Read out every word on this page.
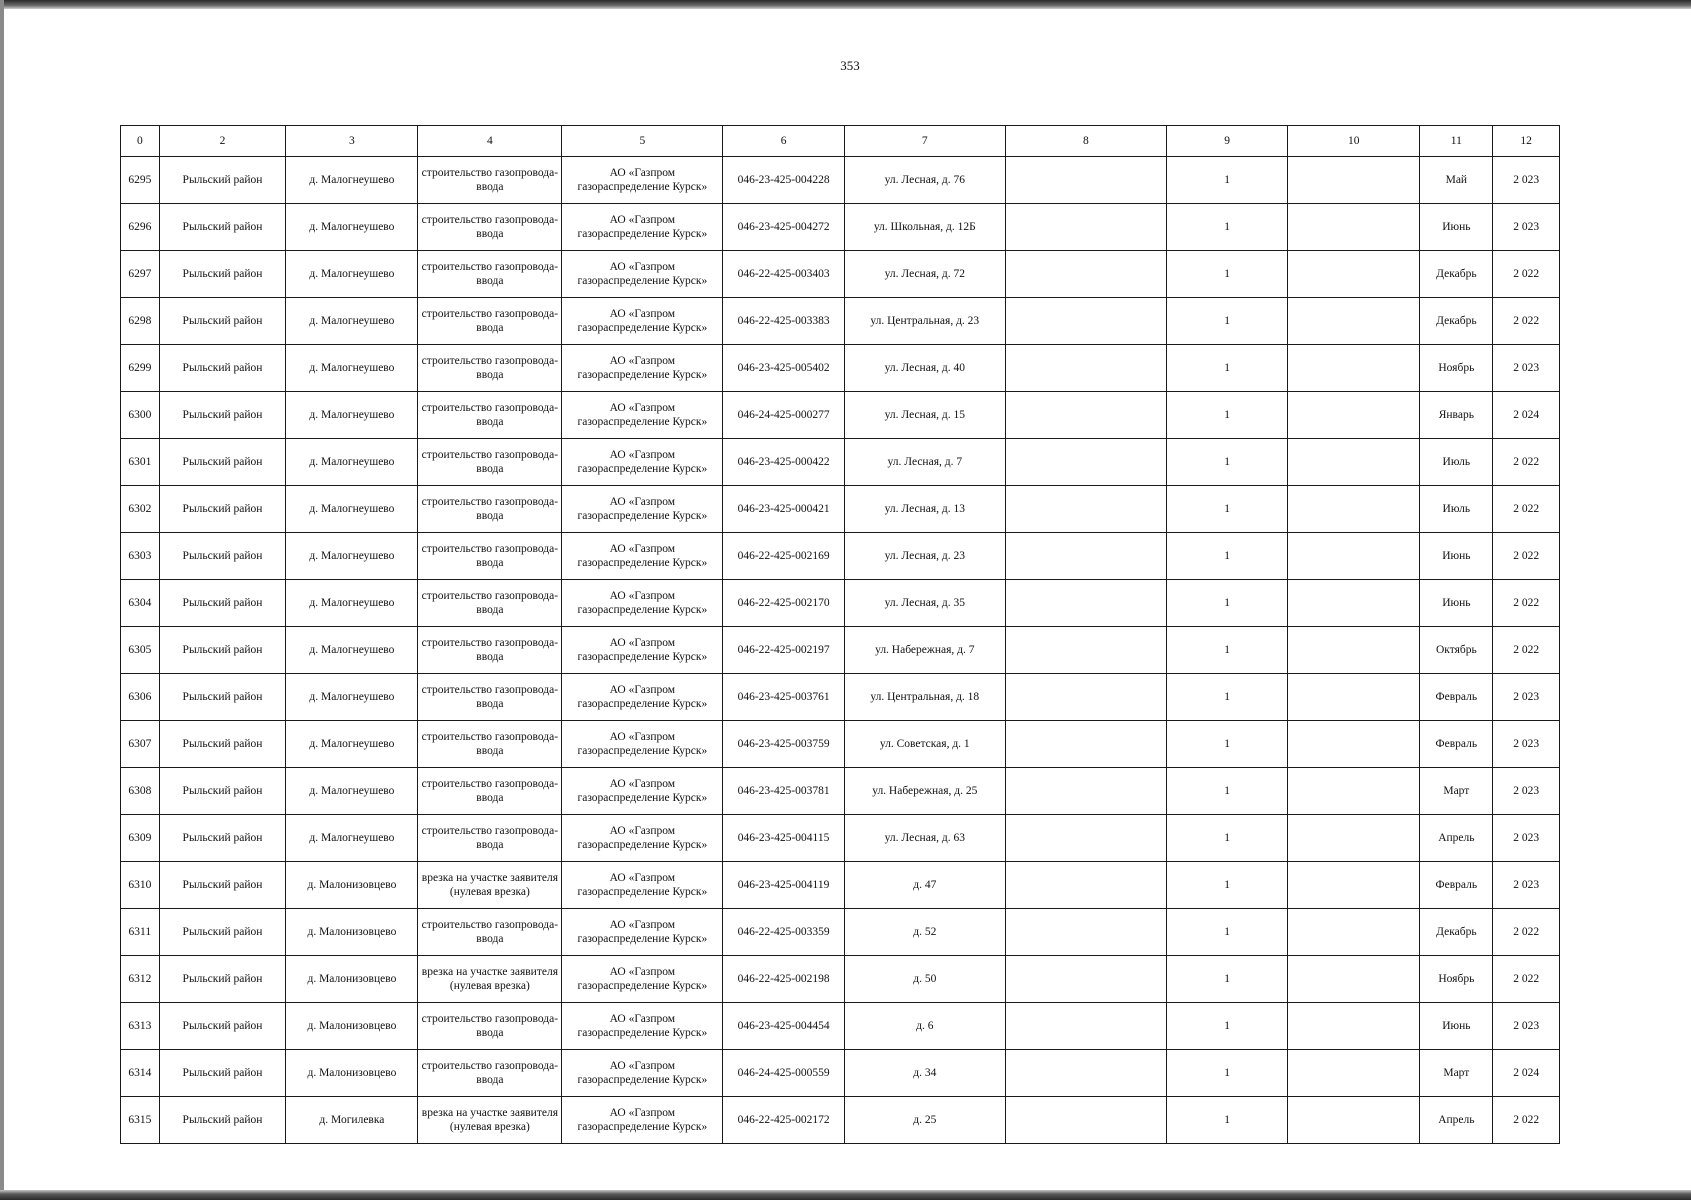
353
0	2	3	4	5	6	7	8	9	10	11	12
6295	Рыльский район	д. Малогнеушево	строительство газопровода-ввода	АО «Газпром газораспределение Курск»	046-23-425-004228	ул. Лесная, д. 76		1		Май	2 023
6296	Рыльский район	д. Малогнеушево	строительство газопровода-ввода	АО «Газпром газораспределение Курск»	046-23-425-004272	ул. Школьная, д. 12Б		1		Июнь	2 023
6297	Рыльский район	д. Малогнеушево	строительство газопровода-ввода	АО «Газпром газораспределение Курск»	046-22-425-003403	ул. Лесная, д. 72		1		Декабрь	2 022
6298	Рыльский район	д. Малогнеушево	строительство газопровода-ввода	АО «Газпром газораспределение Курск»	046-22-425-003383	ул. Центральная, д. 23		1		Декабрь	2 022
6299	Рыльский район	д. Малогнеушево	строительство газопровода-ввода	АО «Газпром газораспределение Курск»	046-23-425-005402	ул. Лесная, д. 40		1		Ноябрь	2 023
6300	Рыльский район	д. Малогнеушево	строительство газопровода-ввода	АО «Газпром газораспределение Курск»	046-24-425-000277	ул. Лесная, д. 15		1		Январь	2 024
6301	Рыльский район	д. Малогнеушево	строительство газопровода-ввода	АО «Газпром газораспределение Курск»	046-23-425-000422	ул. Лесная, д. 7		1		Июль	2 022
6302	Рыльский район	д. Малогнеушево	строительство газопровода-ввода	АО «Газпром газораспределение Курск»	046-23-425-000421	ул. Лесная, д. 13		1		Июль	2 022
6303	Рыльский район	д. Малогнеушево	строительство газопровода-ввода	АО «Газпром газораспределение Курск»	046-22-425-002169	ул. Лесная, д. 23		1		Июнь	2 022
6304	Рыльский район	д. Малогнеушево	строительство газопровода-ввода	АО «Газпром газораспределение Курск»	046-22-425-002170	ул. Лесная, д. 35		1		Июнь	2 022
6305	Рыльский район	д. Малогнеушево	строительство газопровода-ввода	АО «Газпром газораспределение Курск»	046-22-425-002197	ул. Набережная, д. 7		1		Октябрь	2 022
6306	Рыльский район	д. Малогнеушево	строительство газопровода-ввода	АО «Газпром газораспределение Курск»	046-23-425-003761	ул. Центральная, д. 18		1		Февраль	2 023
6307	Рыльский район	д. Малогнеушево	строительство газопровода-ввода	АО «Газпром газораспределение Курск»	046-23-425-003759	ул. Советская, д. 1		1		Февраль	2 023
6308	Рыльский район	д. Малогнеушево	строительство газопровода-ввода	АО «Газпром газораспределение Курск»	046-23-425-003781	ул. Набережная, д. 25		1		Март	2 023
6309	Рыльский район	д. Малогнеушево	строительство газопровода-ввода	АО «Газпром газораспределение Курск»	046-23-425-004115	ул. Лесная, д. 63		1		Апрель	2 023
6310	Рыльский район	д. Малонизовцево	врезка на участке заявителя (нулевая врезка)	АО «Газпром газораспределение Курск»	046-23-425-004119	д. 47		1		Февраль	2 023
6311	Рыльский район	д. Малонизовцево	строительство газопровода-ввода	АО «Газпром газораспределение Курск»	046-22-425-003359	д. 52		1		Декабрь	2 022
6312	Рыльский район	д. Малонизовцево	врезка на участке заявителя (нулевая врезка)	АО «Газпром газораспределение Курск»	046-22-425-002198	д. 50		1		Ноябрь	2 022
6313	Рыльский район	д. Малонизовцево	строительство газопровода-ввода	АО «Газпром газораспределение Курск»	046-23-425-004454	д. 6		1		Июнь	2 023
6314	Рыльский район	д. Малонизовцево	строительство газопровода-ввода	АО «Газпром газораспределение Курск»	046-24-425-000559	д. 34		1		Март	2 024
6315	Рыльский район	д. Могилевка	врезка на участке заявителя (нулевая врезка)	АО «Газпром газораспределение Курск»	046-22-425-002172	д. 25		1		Апрель	2 022
